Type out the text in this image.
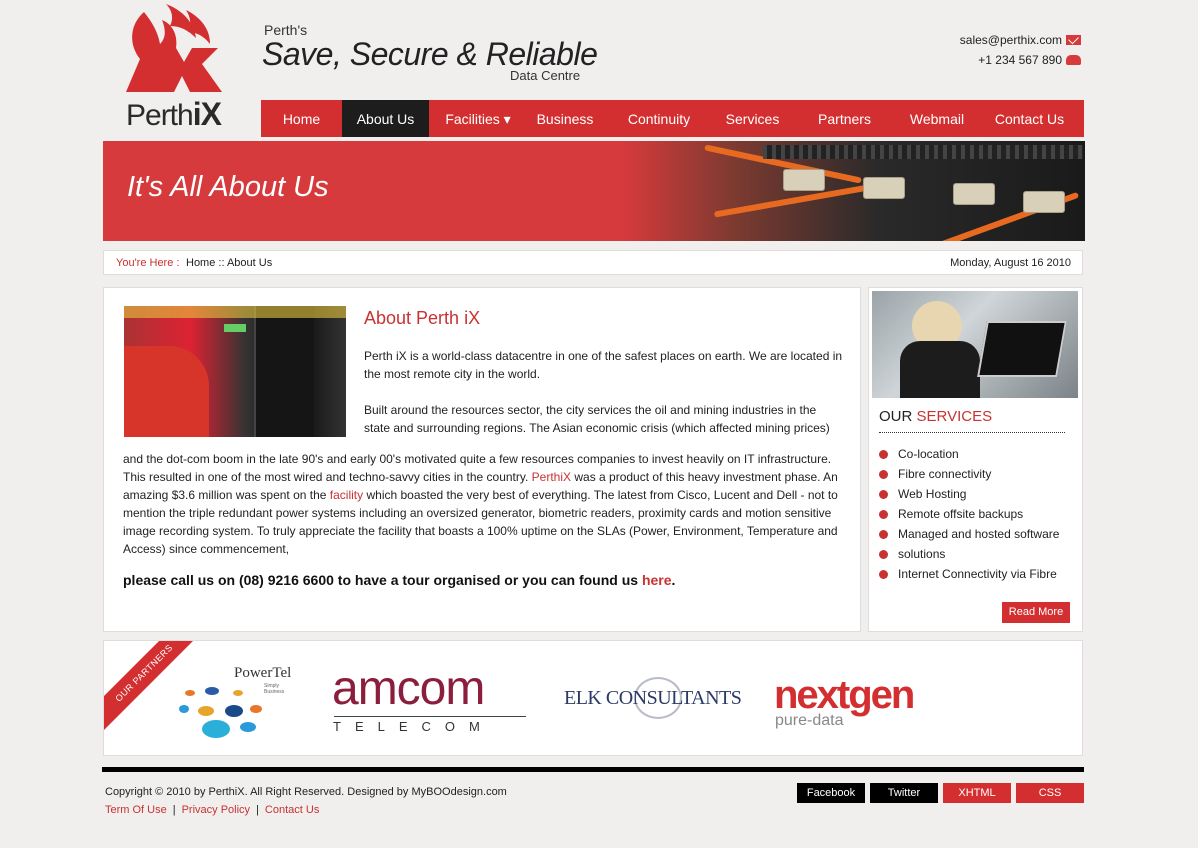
PerthiX
Perth's
Save, Secure & Reliable
Data Centre
sales@perthix.com
+1 234 567 890
Home	About Us	Facilities ▾	Business	Continuity	Services	Partners	Webmail	Contact Us
It's All About Us
You're Here : Home :: About Us	Monday, August 16 2010
About Perth iX

Perth iX is a world-class datacentre in one of the safest places on earth. We are located in the most remote city in the world.

Built around the resources sector, the city services the oil and mining industries in the state and surrounding regions. The Asian economic crisis (which affected mining prices)

and the dot-com boom in the late 90's and early 00's motivated quite a few resources companies to invest heavily on IT infrastructure. This resulted in one of the most wired and techno-savvy cities in the country. PerthiX was a product of this heavy investment phase. An amazing $3.6 million was spent on the facility which boasted the very best of everything. The latest from Cisco, Lucent and Dell - not to mention the triple redundant power systems including an oversized generator, biometric readers, proximity cards and motion sensitive image recording system. To truly appreciate the facility that boasts a 100% uptime on the SLAs (Power, Environment, Temperature and Access) since commencement,

please call us on (08) 9216 6600 to have a tour organised or you can found us here.
OUR SERVICES
Co-location
Fibre connectivity
Web Hosting
Remote offsite backups
Managed and hosted software
solutions
Internet Connectivity via Fibre
Read More
OUR PARTNERS	PowerTel
Simply Business amcom
TELECOM
ELK CONSULTANTS nextgen
pure-data
Copyright © 2010 by PerthiX. All Right Reserved. Designed by MyBOOdesign.com
Term Of Use | Privacy Policy | Contact Us
Facebook	Twitter	XHTML	CSS
